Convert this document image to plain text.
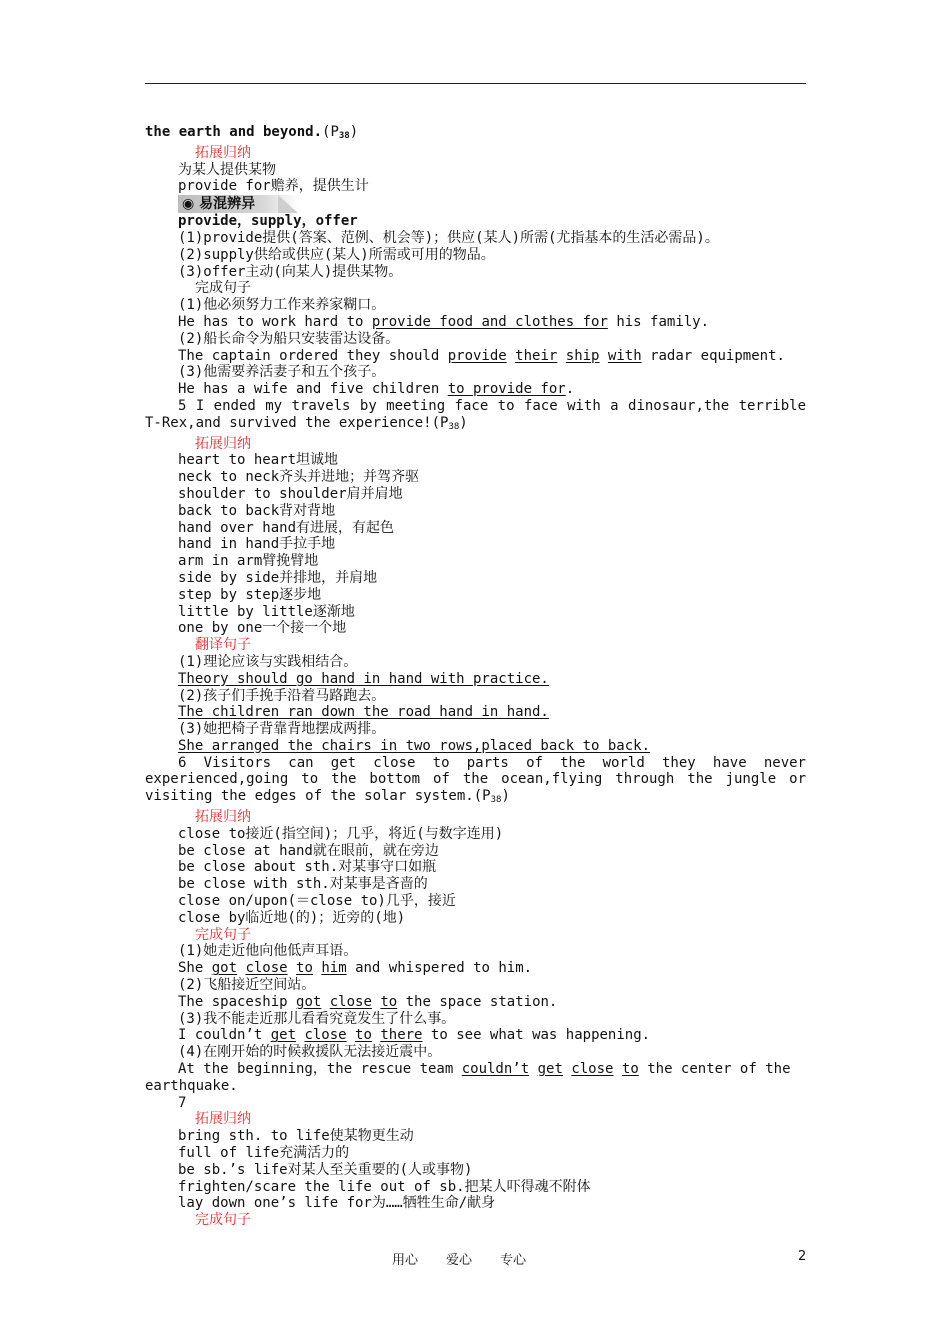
the earth and $beyond.(P_{38})$
拓展归纳
为某人提供某物
provide for赡养，提供生计
◉ 易混辨异
provide，supply，offer
(1)provide提供(答案、范例、机会等)；供应(某人)所需(尤指基本的生活必需品)。
(2)supply供给或供应(某人)所需或可用的物品。
(3)offer主动(向某人)提供某物。
完成句子
(1)他必须努力工作来养家糊口。
He has to work hard to provide food and clothes for his family.
(2)船长命令为船只安装雷达设备。
The captain ordered they should provide their ship with radar equipment.
(3)他需要养活妻子和五个孩子。
He has a wife and five children to provide for.
5 I ended my travels by meeting face to face with a dinosaur,the terrible
T-Rex,and survived the $experience!(P_{38})$
拓展归纳
heart to heart坦诚地
neck to neck齐头并进地；并驾齐驱
shoulder to shoulder肩并肩地
back to back背对背地
hand over hand有进展，有起色
hand in hand手拉手地
arm in arm臂挽臂地
side by side并排地，并肩地
step by step逐步地
little by little逐渐地
one by one一个接一个地
翻译句子
(1)理论应该与实践相结合。
Theory should go hand in hand with practice.
(2)孩子们手挽手沿着马路跑去。
The children ran down the road hand in hand.
(3)她把椅子背靠背地摆成两排。
She arranged the chairs in two rows,placed back to back.
6 Visitors can get close to parts of the world they have never
experienced,going to the bottom of the ocean,flying through the jungle or
visiting the edges of the solar $system.(P_{38})$
拓展归纳
close to接近(指空间)；几乎，将近(与数字连用)
be close at hand就在眼前，就在旁边
be close about sth.对某事守口如瓶
be close with sth.对某事是吝啬的
close on/upon(＝close to)几乎，接近
close by临近地(的)；近旁的(地)
完成句子
(1)她走近他向他低声耳语。
She got close to him and whispered to him.
(2)飞船接近空间站。
The spaceship got close to the space station.
(3)我不能走近那儿看看究竟发生了什么事。
I couldn’t get close to there to see what was happening.
(4)在刚开始的时候救援队无法接近震中。
At the beginning，the rescue team couldn’t get close to the center of the
earthquake.
7
拓展归纳
bring sth. to life使某物更生动
full of life充满活力的
be sb.’s life对某人至关重要的(人或事物)
frighten/scare the life out of sb.把某人吓得魂不附体
lay down one’s life for为……牺牲生命/献身
完成句子
用心 爱心 专心	2
